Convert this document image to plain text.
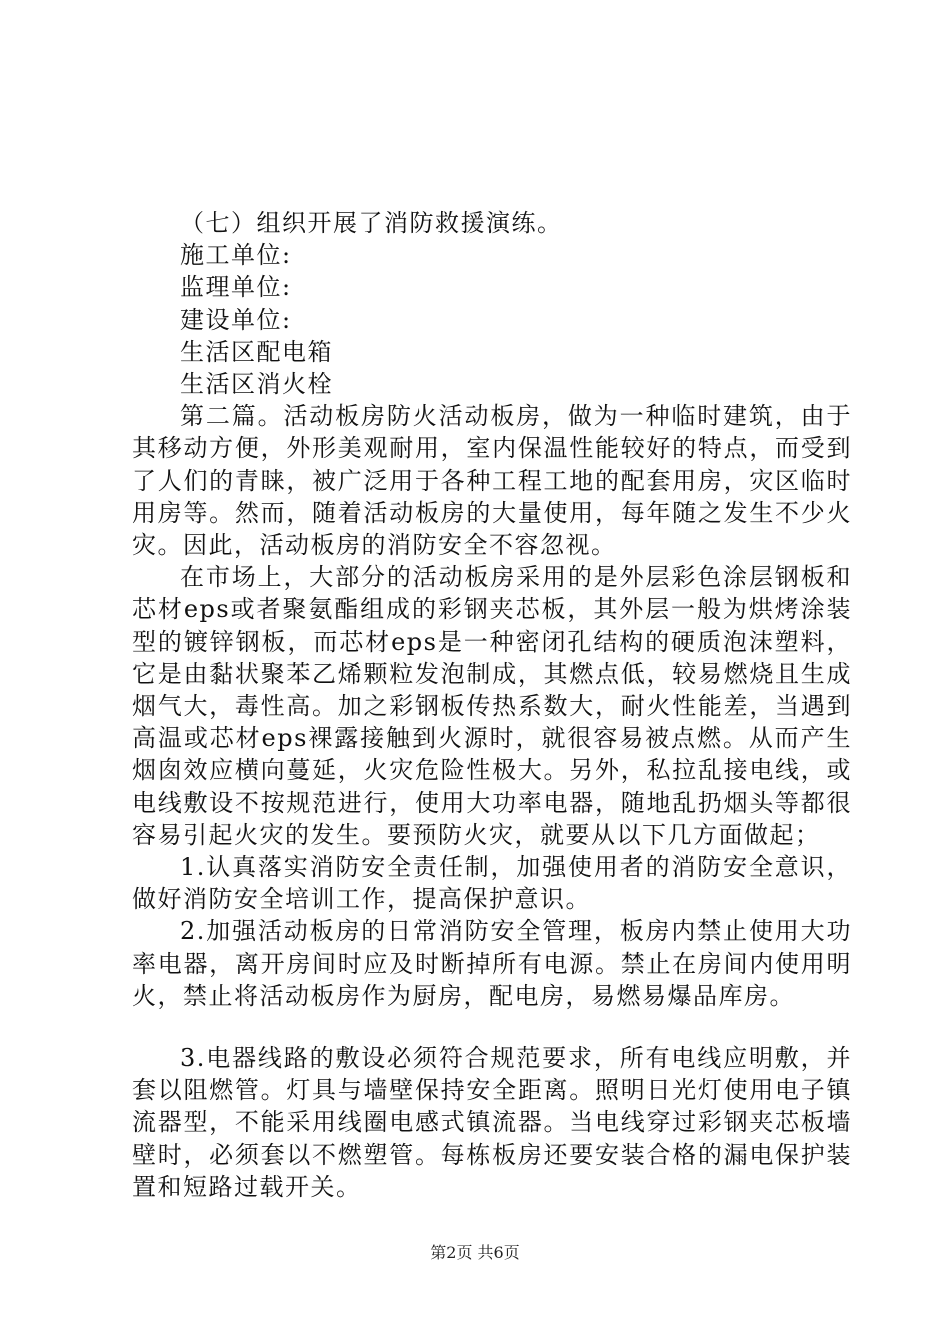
（七）组织开展了消防救援演练。

施工单位:

监理单位:

建设单位:

生活区配电箱

生活区消火栓

第二篇。活动板房防火活动板房，做为一种临时建筑，由于其移动方便，外形美观耐用，室内保温性能较好的特点，而受到了人们的青睐，被广泛用于各种工程工地的配套用房，灾区临时用房等。然而，随着活动板房的大量使用，每年随之发生不少火灾。因此，活动板房的消防安全不容忽视。

在市场上，大部分的活动板房采用的是外层彩色涂层钢板和芯材eps或者聚氨酯组成的彩钢夹芯板，其外层一般为烘烤涂装型的镀锌钢板，而芯材eps是一种密闭孔结构的硬质泡沫塑料，它是由黏状聚苯乙烯颗粒发泡制成，其燃点低，较易燃烧且生成烟气大，毒性高。加之彩钢板传热系数大，耐火性能差，当遇到高温或芯材eps裸露接触到火源时，就很容易被点燃。从而产生烟囱效应横向蔓延，火灾危险性极大。另外，私拉乱接电线，或电线敷设不按规范进行，使用大功率电器，随地乱扔烟头等都很容易引起火灾的发生。要预防火灾，就要从以下几方面做起；

1.认真落实消防安全责任制，加强使用者的消防安全意识，做好消防安全培训工作，提高保护意识。

2.加强活动板房的日常消防安全管理，板房内禁止使用大功率电器，离开房间时应及时断掉所有电源。禁止在房间内使用明火，禁止将活动板房作为厨房，配电房，易燃易爆品库房。

3.电器线路的敷设必须符合规范要求，所有电线应明敷，并套以阻燃管。灯具与墙壁保持安全距离。照明日光灯使用电子镇流器型，不能采用线圈电感式镇流器。当电线穿过彩钢夹芯板墙壁时，必须套以不燃塑管。每栋板房还要安装合格的漏电保护装置和短路过载开关。

第2页 共6页
